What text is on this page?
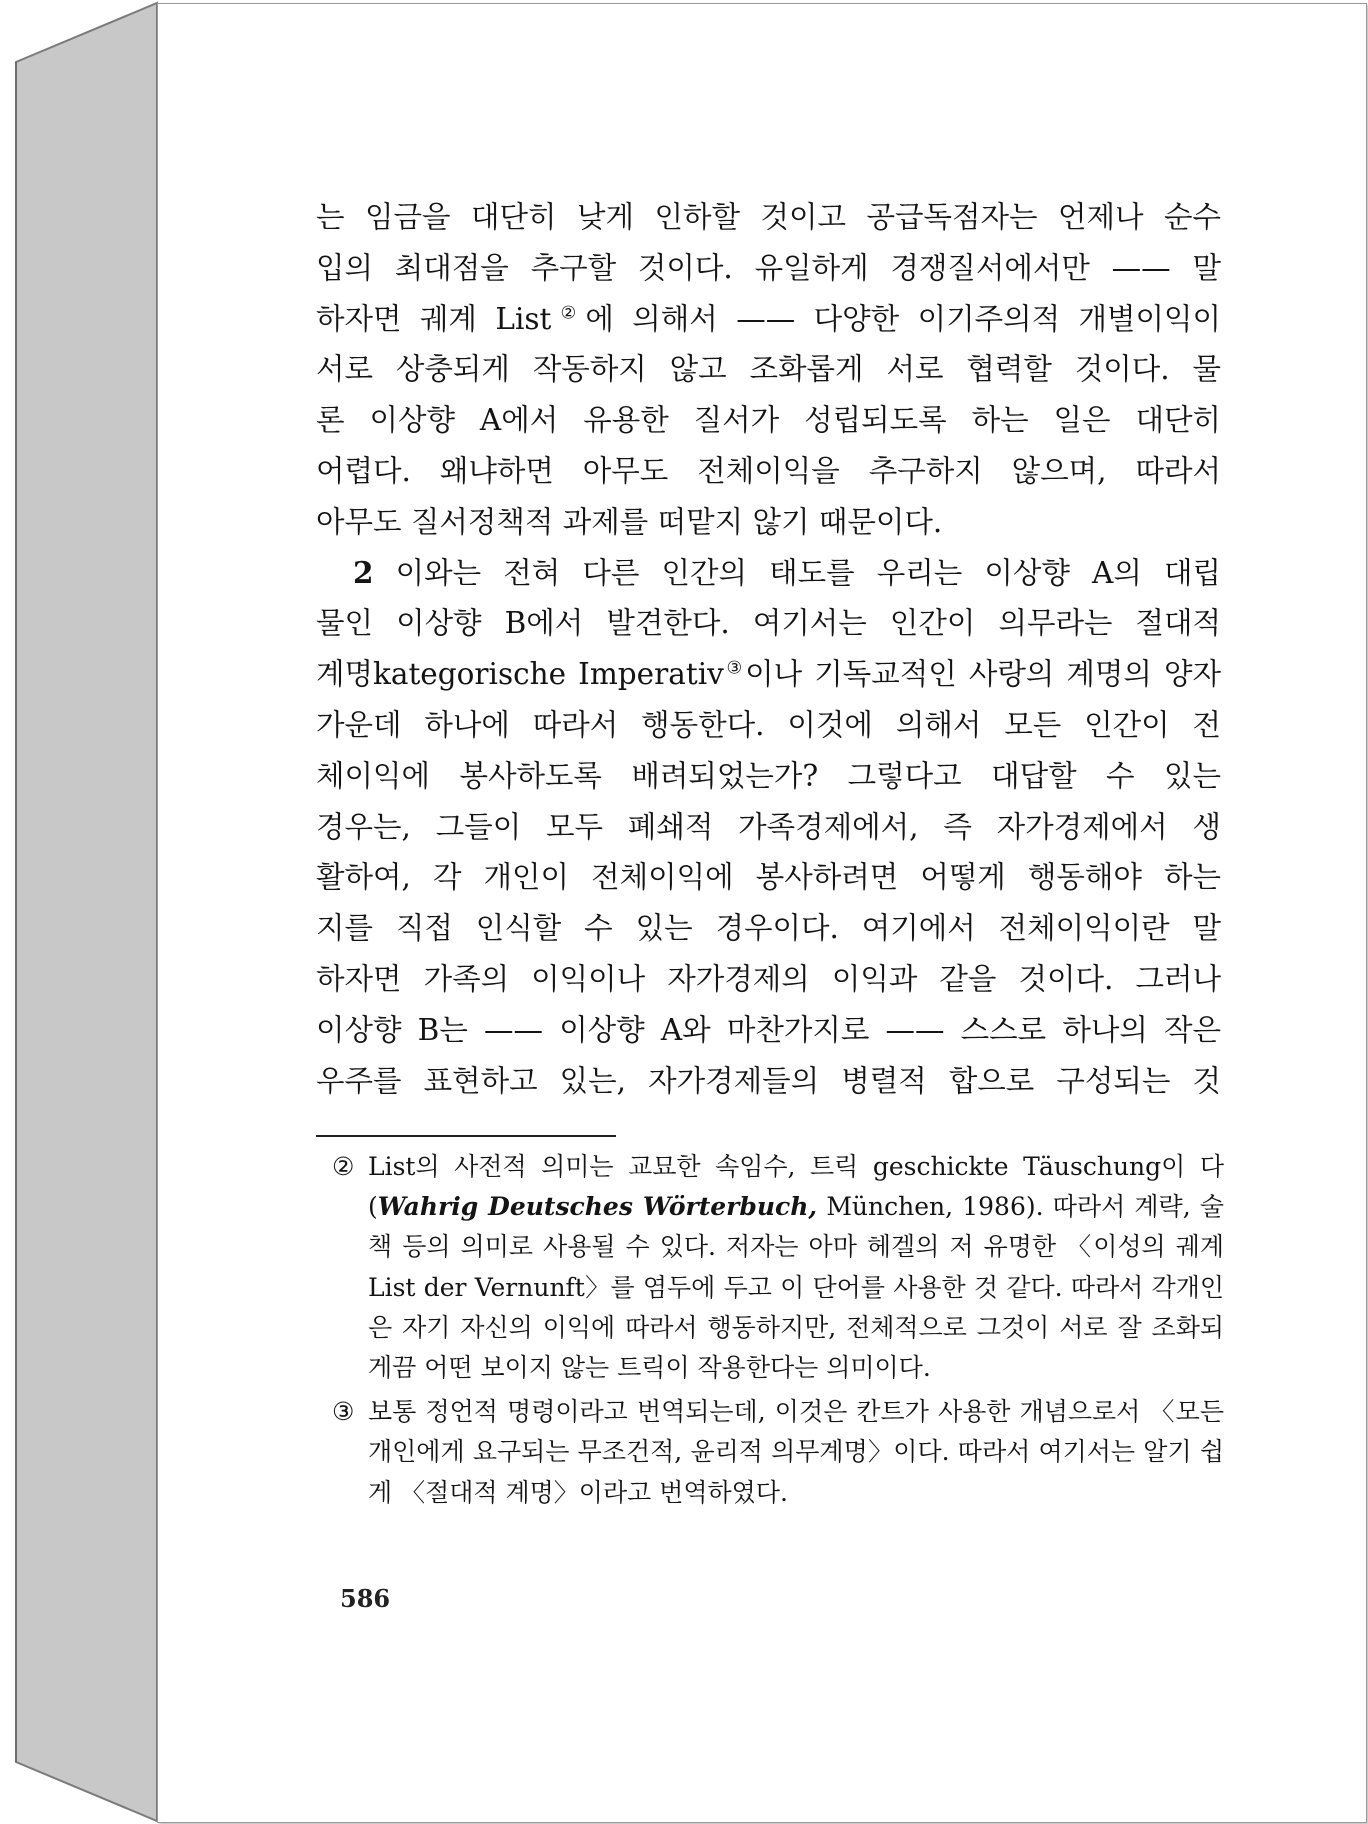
는 임금을 대단히 낮게 인하할 것이고 공급독점자는 언제나 순수

입의 최대점을 추구할 것이다. 유일하게 경쟁질서에서만 —— 말

하자면 궤계 List②에 의해서 —— 다양한 이기주의적 개별이익이

서로 상충되게 작동하지 않고 조화롭게 서로 협력할 것이다. 물

론 이상향 A에서 유용한 질서가 성립되도록 하는 일은 대단히

어렵다. 왜냐하면 아무도 전체이익을 추구하지 않으며, 따라서

아무도 질서정책적 과제를 떠맡지 않기 때문이다.

2 이와는 전혀 다른 인간의 태도를 우리는 이상향 A의 대립

물인 이상향 B에서 발견한다. 여기서는 인간이 의무라는 절대적

계명kategorische Imperativ③이나 기독교적인 사랑의 계명의 양자

가운데 하나에 따라서 행동한다. 이것에 의해서 모든 인간이 전

체이익에 봉사하도록 배려되었는가? 그렇다고 대답할 수 있는

경우는, 그들이 모두 폐쇄적 가족경제에서, 즉 자가경제에서 생

활하여, 각 개인이 전체이익에 봉사하려면 어떻게 행동해야 하는

지를 직접 인식할 수 있는 경우이다. 여기에서 전체이익이란 말

하자면 가족의 이익이나 자가경제의 이익과 같을 것이다. 그러나

이상향 B는 —— 이상향 A와 마찬가지로 —— 스스로 하나의 작은

우주를 표현하고 있는, 자가경제들의 병렬적 합으로 구성되는 것

② List의 사전적 의미는 교묘한 속임수, 트릭 geschickte Täuschung이 다(Wahrig Deutsches Wörterbuch, München, 1986). 따라서 계략, 술책 등의 의미로 사용될 수 있다. 저자는 아마 헤겔의 저 유명한 〈이성의 궤계 List der Vernunft〉를 염두에 두고 이 단어를 사용한 것 같다. 따라서 각개인은 자기 자신의 이익에 따라서 행동하지만, 전체적으로 그것이 서로 잘 조화되게끔 어떤 보이지 않는 트릭이 작용한다는 의미이다.
③ 보통 정언적 명령이라고 번역되는데, 이것은 칸트가 사용한 개념으로서 〈모든 개인에게 요구되는 무조건적, 윤리적 의무계명〉이다. 따라서 여기서는 알기 쉽게 〈절대적 계명〉이라고 번역하였다.
586
